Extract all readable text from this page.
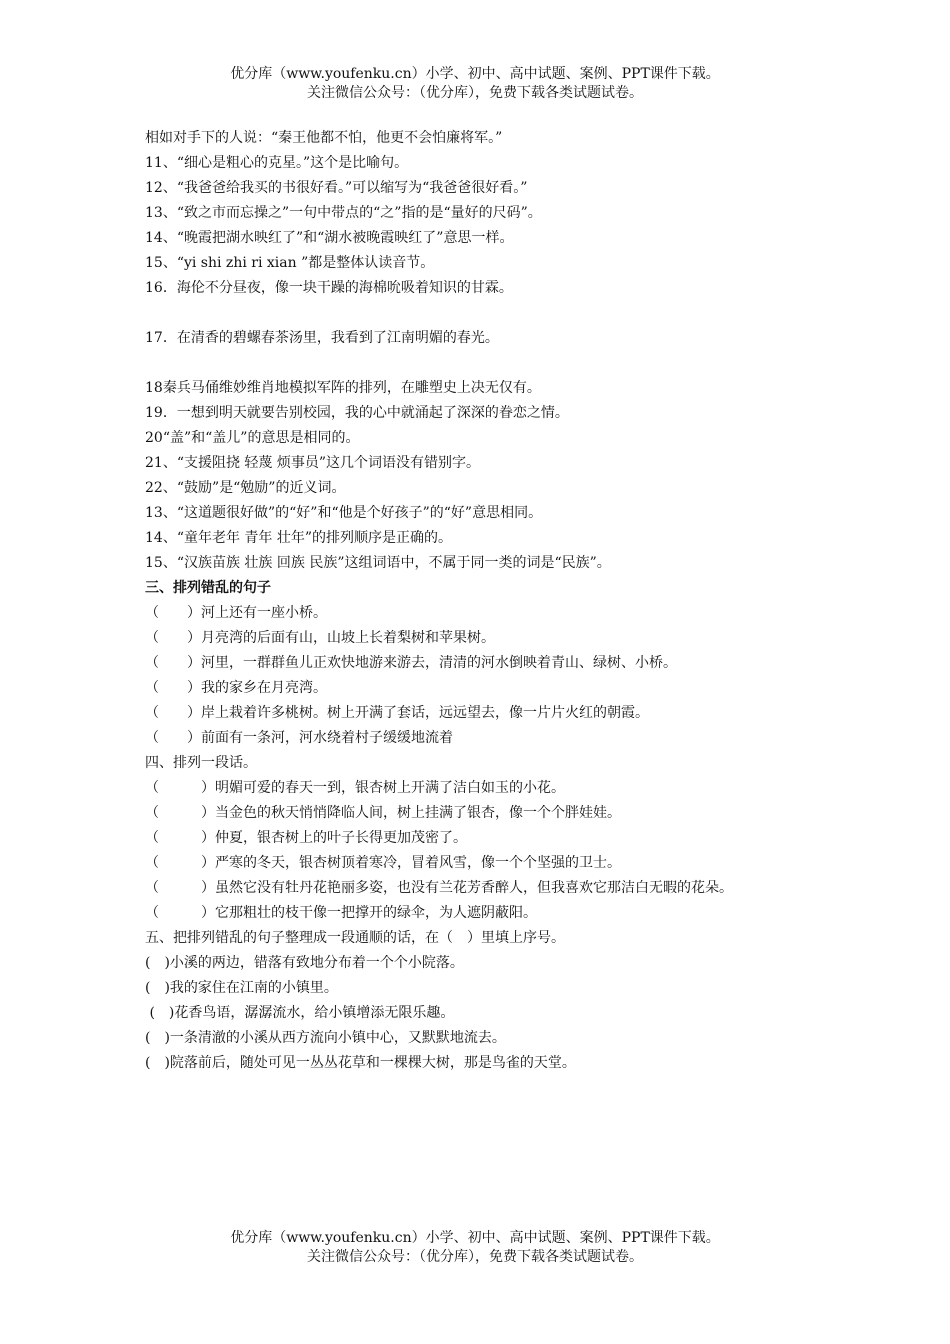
优分库（www.youfenku.cn）小学、初中、高中试题、案例、PPT课件下载。
关注微信公众号：（优分库），免费下载各类试题试卷。

相如对手下的人说：“秦王他都不怕，他更不会怕廉将军。”

11、“细心是粗心的克星。”这个是比喻句。

12、“我爸爸给我买的书很好看。”可以缩写为“我爸爸很好看。”

13、“致之市而忘操之”一句中带点的“之”指的是“量好的尺码”。

14、“晚霞把湖水映红了”和“湖水被晚霞映红了”意思一样。

15、“yi shi zhi ri xian ”都是整体认读音节。

16．海伦不分昼夜，像一块干躁的海棉吮吸着知识的甘霖。

17．在清香的碧螺春茶汤里，我看到了江南明媚的春光。

18秦兵马俑维妙维肖地模拟军阵的排列，在雕塑史上决无仅有。

19．一想到明天就要告别校园，我的心中就涌起了深深的眷恋之情。

20“盖”和“盖儿”的意思是相同的。

21、“支援阻挠 轻蔑 烦事员”这几个词语没有错别字。

22、“鼓励”是“勉励”的近义词。

13、“这道题很好做”的“好”和“他是个好孩子”的“好”意思相同。

14、“童年老年 青年 壮年”的排列顺序是正确的。

15、“汉族苗族 壮族 回族 民族”这组词语中，不属于同一类的词是“民族”。

三、排列错乱的句子

（　　）河上还有一座小桥。

（　　）月亮湾的后面有山，山坡上长着梨树和苹果树。

（　　）河里，一群群鱼儿正欢快地游来游去，清清的河水倒映着青山、绿树、小桥。

（　　）我的家乡在月亮湾。

（　　）岸上栽着许多桃树。树上开满了套话，远远望去，像一片片火红的朝霞。

（　　）前面有一条河，河水绕着村子缓缓地流着

四、排列一段话。

（　　　）明媚可爱的春天一到，银杏树上开满了洁白如玉的小花。

（　　　）当金色的秋天悄悄降临人间，树上挂满了银杏，像一个个胖娃娃。

（　　　）仲夏，银杏树上的叶子长得更加茂密了。

（　　　）严寒的冬天，银杏树顶着寒冷，冒着风雪，像一个个坚强的卫士。

（　　　）虽然它没有牡丹花艳丽多姿，也没有兰花芳香醉人，但我喜欢它那洁白无暇的花朵。

（　　　）它那粗壮的枝干像一把撑开的绿伞，为人遮阴蔽阳。

五、把排列错乱的句子整理成一段通顺的话，在（　）里填上序号。

(　)小溪的两边，错落有致地分布着一个个小院落。

(　)我的家住在江南的小镇里。

(　)花香鸟语，潺潺流水，给小镇增添无限乐趣。

(　)一条清澈的小溪从西方流向小镇中心，又默默地流去。

(　)院落前后，随处可见一丛丛花草和一棵棵大树，那是鸟雀的天堂。

优分库（www.youfenku.cn）小学、初中、高中试题、案例、PPT课件下载。
关注微信公众号：（优分库），免费下载各类试题试卷。
